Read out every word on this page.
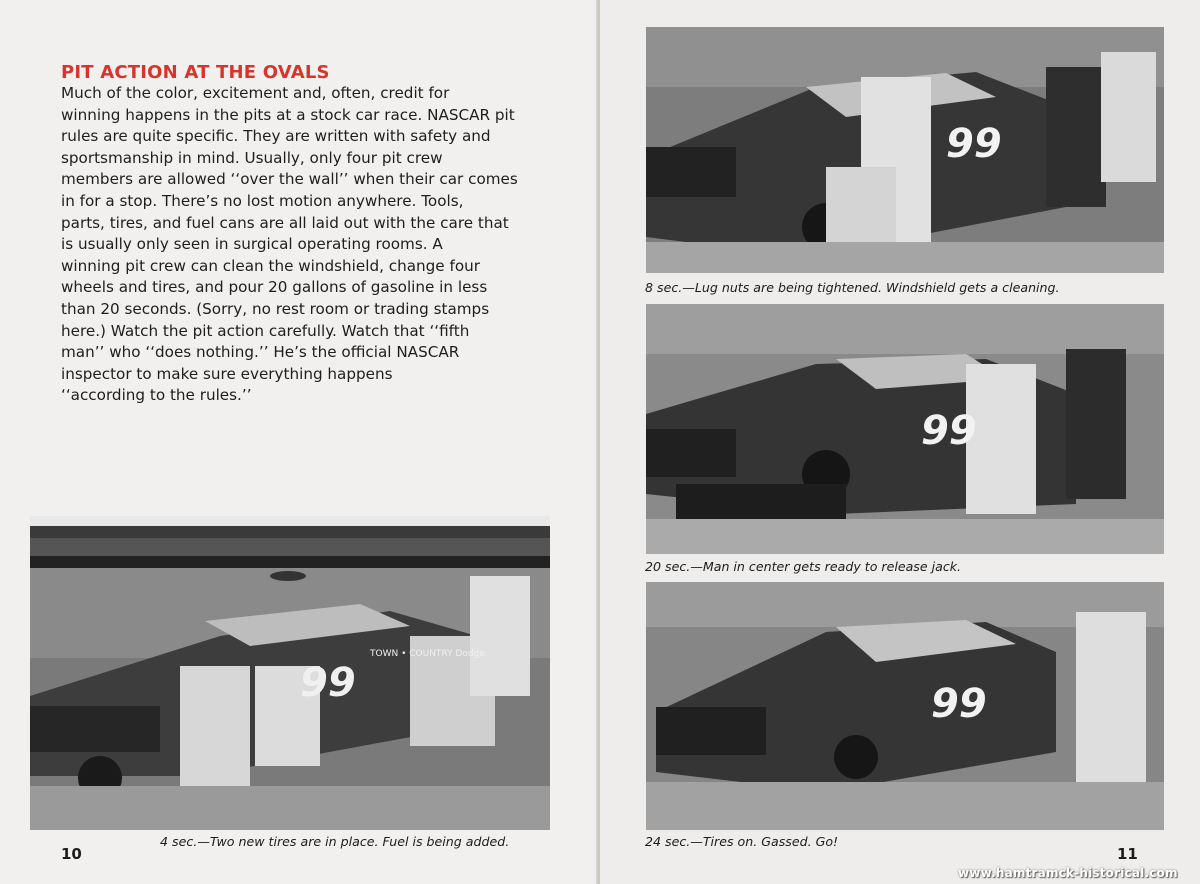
PIT ACTION AT THE OVALS

Much of the color, excitement and, often, credit for
winning happens in the pits at a stock car race. NASCAR pit
rules are quite specific. They are written with safety and
sportsmanship in mind. Usually, only four pit crew
members are allowed ‘‘over the wall’’ when their car comes
in for a stop. There’s no lost motion anywhere. Tools,
parts, tires, and fuel cans are all laid out with the care that
is usually only seen in surgical operating rooms. A
winning pit crew can clean the windshield, change four
wheels and tires, and pour 20 gallons of gasoline in less
than 20 seconds. (Sorry, no rest room or trading stamps
here.) Watch the pit action carefully. Watch that ‘‘fifth
man’’ who ‘‘does nothing.’’ He’s the official NASCAR
inspector to make sure everything happens
‘‘according to the rules.’’

99
TOWN • COUNTRY Dodge

4 sec.—Two new tires are in place. Fuel is being added.

10

99

8 sec.—Lug nuts are being tightened. Windshield gets a cleaning.

99

20 sec.—Man in center gets ready to release jack.

99

24 sec.—Tires on. Gassed. Go!

11

www.hamtramck-historical.com
